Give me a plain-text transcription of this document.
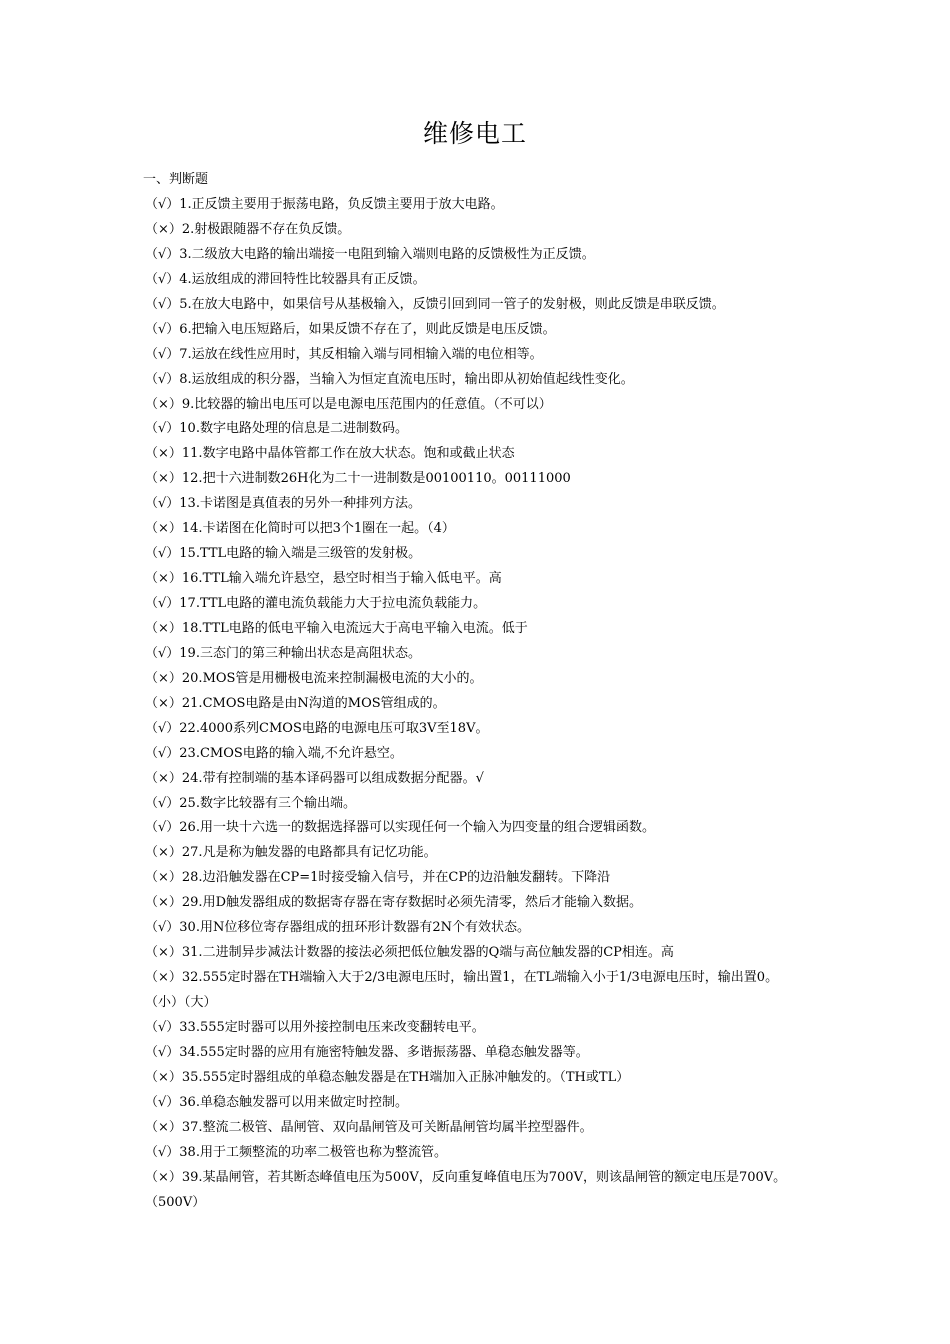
维修电工
一、判断题
（√）1.正反馈主要用于振荡电路，负反馈主要用于放大电路。
（×）2.射极跟随器不存在负反馈。
（√）3.二级放大电路的输出端接一电阻到输入端则电路的反馈极性为正反馈。
（√）4.运放组成的滞回特性比较器具有正反馈。
（√）5.在放大电路中，如果信号从基极输入，反馈引回到同一管子的发射极，则此反馈是串联反馈。
（√）6.把输入电压短路后，如果反馈不存在了，则此反馈是电压反馈。
（√）7.运放在线性应用时，其反相输入端与同相输入端的电位相等。
（√）8.运放组成的积分器，当输入为恒定直流电压时，输出即从初始值起线性变化。
（×）9.比较器的输出电压可以是电源电压范围内的任意值。（不可以）
（√）10.数字电路处理的信息是二进制数码。
（×）11.数字电路中晶体管都工作在放大状态。饱和或截止状态
（×）12.把十六进制数26H化为二十一进制数是00100110。00111000
（√）13.卡诺图是真值表的另外一种排列方法。
（×）14.卡诺图在化简时可以把3个1圈在一起。（4）
（√）15.TTL电路的输入端是三级管的发射极。
（×）16.TTL输入端允许悬空，悬空时相当于输入低电平。高
（√）17.TTL电路的灌电流负载能力大于拉电流负载能力。
（×）18.TTL电路的低电平输入电流远大于高电平输入电流。低于
（√）19.三态门的第三种输出状态是高阻状态。
（×）20.MOS管是用栅极电流来控制漏极电流的大小的。
（×）21.CMOS电路是由N沟道的MOS管组成的。
（√）22.4000系列CMOS电路的电源电压可取3V至18V。
（√）23.CMOS电路的输入端,不允许悬空。
（×）24.带有控制端的基本译码器可以组成数据分配器。√
（√）25.数字比较器有三个输出端。
（√）26.用一块十六选一的数据选择器可以实现任何一个输入为四变量的组合逻辑函数。
（×）27.凡是称为触发器的电路都具有记忆功能。
（×）28.边沿触发器在CP=1时接受输入信号，并在CP的边沿触发翻转。下降沿
（×）29.用D触发器组成的数据寄存器在寄存数据时必须先清零，然后才能输入数据。
（√）30.用N位移位寄存器组成的扭环形计数器有2N个有效状态。
（×）31.二进制异步减法计数器的接法必须把低位触发器的Q端与高位触发器的CP相连。高
（×）32.555定时器在TH端输入大于2/3电源电压时，输出置1，在TL端输入小于1/3电源电压时，输出置0。
（小）（大）
（√）33.555定时器可以用外接控制电压来改变翻转电平。
（√）34.555定时器的应用有施密特触发器、多谐振荡器、单稳态触发器等。
（×）35.555定时器组成的单稳态触发器是在TH端加入正脉冲触发的。（TH或TL）
（√）36.单稳态触发器可以用来做定时控制。
（×）37.整流二极管、晶闸管、双向晶闸管及可关断晶闸管均属半控型器件。
（√）38.用于工频整流的功率二极管也称为整流管。
（×）39.某晶闸管，若其断态峰值电压为500V，反向重复峰值电压为700V，则该晶闸管的额定电压是700V。
（500V）
